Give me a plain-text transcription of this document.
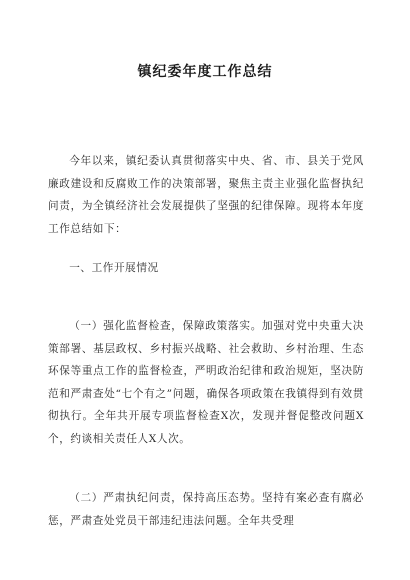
镇纪委年度工作总结
今年以来，镇纪委认真贯彻落实中央、省、市、县关于党风廉政建设和反腐败工作的决策部署，聚焦主责主业强化监督执纪问责，为全镇经济社会发展提供了坚强的纪律保障。现将本年度工作总结如下：
一、工作开展情况
（一）强化监督检查，保障政策落实。加强对党中央重大决策部署、基层政权、乡村振兴战略、社会救助、乡村治理、生态环保等重点工作的监督检查，严明政治纪律和政治规矩，坚决防范和严肃查处“七个有之”问题，确保各项政策在我镇得到有效贯彻执行。全年共开展专项监督检查X次，发现并督促整改问题X个，约谈相关责任人X人次。
（二）严肃执纪问责，保持高压态势。坚持有案必查有腐必惩，严肃查处党员干部违纪违法问题。全年共受理
